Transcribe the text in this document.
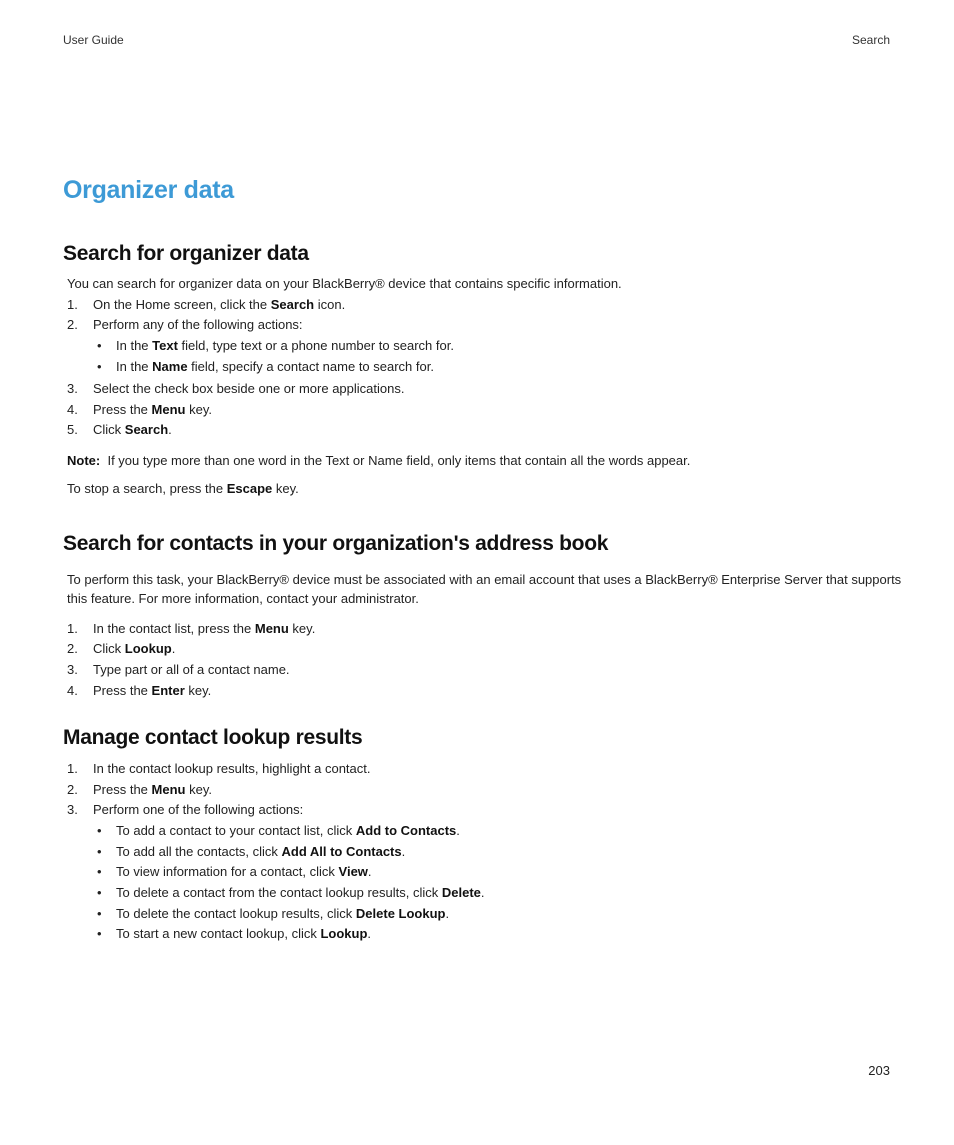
User Guide	Search
Organizer data
Search for organizer data
You can search for organizer data on your BlackBerry® device that contains specific information.
1. On the Home screen, click the Search icon.
2. Perform any of the following actions:
• In the Text field, type text or a phone number to search for.
• In the Name field, specify a contact name to search for.
3. Select the check box beside one or more applications.
4. Press the Menu key.
5. Click Search.
Note: If you type more than one word in the Text or Name field, only items that contain all the words appear.
To stop a search, press the Escape key.
Search for contacts in your organization's address book
To perform this task, your BlackBerry® device must be associated with an email account that uses a BlackBerry® Enterprise Server that supports
this feature. For more information, contact your administrator.
1. In the contact list, press the Menu key.
2. Click Lookup.
3. Type part or all of a contact name.
4. Press the Enter key.
Manage contact lookup results
1. In the contact lookup results, highlight a contact.
2. Press the Menu key.
3. Perform one of the following actions:
• To add a contact to your contact list, click Add to Contacts.
• To add all the contacts, click Add All to Contacts.
• To view information for a contact, click View.
• To delete a contact from the contact lookup results, click Delete.
• To delete the contact lookup results, click Delete Lookup.
• To start a new contact lookup, click Lookup.
203
